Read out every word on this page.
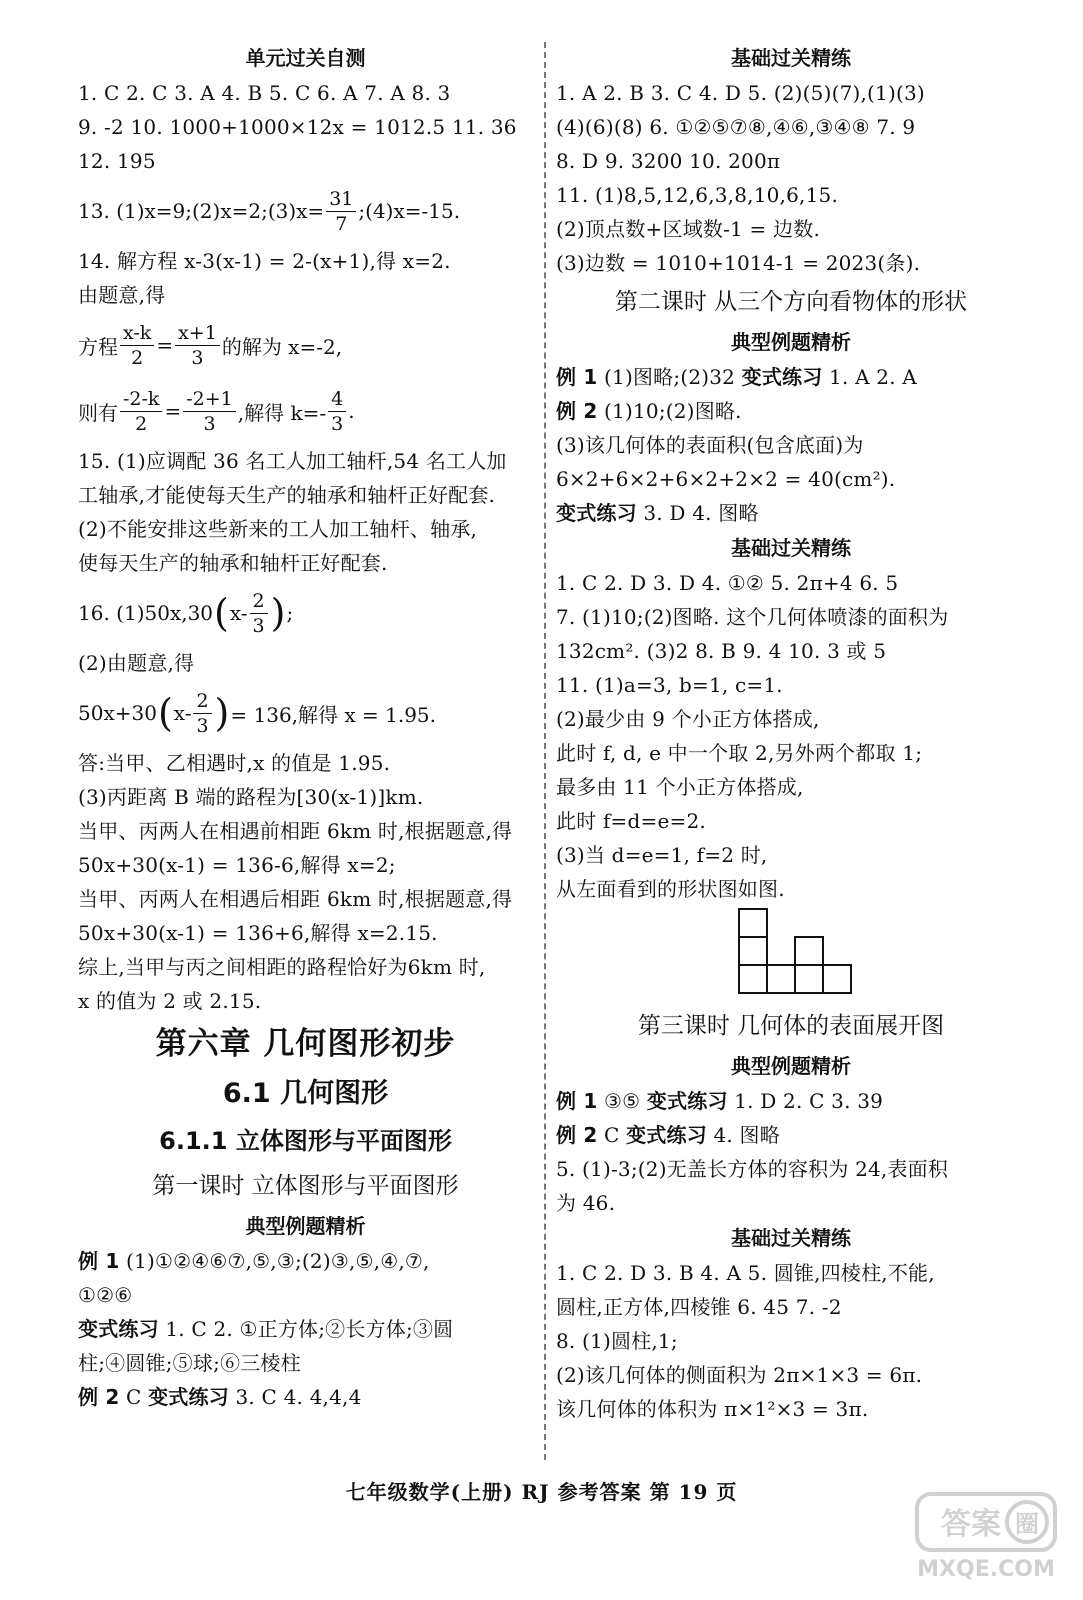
单元过关自测
1. C 2. C 3. A 4. B 5. C 6. A 7. A 8. 3
9. -2 10. 1000+1000×12x = 1012.5 11. 36
12. 195
13. (1)x=9;(2)x=2;(3)x= $\frac{31}{7}$ ;(4)x=-15.
14. 解方程 x-3(x-1) = 2-(x+1),得 x=2.
由题意,得
方程 $\frac{x-k}{2} = \frac{x+1}{3}$ 的解为 x=-2,
则有 $\frac{-2-k}{2} = \frac{-2+1}{3}$ ,解得 $k=- \frac{4}{3}$ .
15. (1)应调配 36 名工人加工轴杆,54 名工人加
工轴承,才能使每天生产的轴承和轴杆正好配套.
(2)不能安排这些新来的工人加工轴杆、轴承,
使每天生产的轴承和轴杆正好配套.
16. (1)50x,30 ( $x- \frac{2}{3}$ ) ;
(2)由题意,得
50x+30 ( $x- \frac{2}{3}$ ) = 136,解得 x = 1.95.
答:当甲、乙相遇时,x 的值是 1.95.
(3)丙距离 B 端的路程为[30(x-1)]km.
当甲、丙两人在相遇前相距 6km 时,根据题意,得
50x+30(x-1) = 136-6,解得 x=2;
当甲、丙两人在相遇后相距 6km 时,根据题意,得
50x+30(x-1) = 136+6,解得 x=2.15.
综上,当甲与丙之间相距的路程恰好为6km 时,
x 的值为 2 或 2.15.
第六章 几何图形初步
6.1 几何图形
6.1.1 立体图形与平面图形
第一课时 立体图形与平面图形
典型例题精析
例 1 (1)①②④⑥⑦,⑤,③;(2)③,⑤,④,⑦,
①②⑥
变式练习 1. C 2. ①正方体;②长方体;③圆
柱;④圆锥;⑤球;⑥三棱柱
例 2 C 变式练习 3. C 4. 4,4,4
基础过关精练
1. A 2. B 3. C 4. D 5. (2)(5)(7),(1)(3)
(4)(6)(8) 6. ①②⑤⑦⑧,④⑥,③④⑧ 7. 9
8. D 9. 3200 10. 200π
11. (1)8,5,12,6,3,8,10,6,15.
(2)顶点数+区域数-1 = 边数.
(3)边数 = 1010+1014-1 = 2023(条).
第二课时 从三个方向看物体的形状
典型例题精析
例 1 (1)图略;(2)32 变式练习 1. A 2. A
例 2 (1)10;(2)图略.
(3)该几何体的表面积(包含底面)为
6×2+6×2+6×2+2×2 = 40(cm²).
变式练习 3. D 4. 图略
基础过关精练
1. C 2. D 3. D 4. ①② 5. 2π+4 6. 5
7. (1)10;(2)图略. 这个几何体喷漆的面积为
132cm². (3)2 8. B 9. 4 10. 3 或 5
11. (1)a=3, b=1, c=1.
(2)最少由 9 个小正方体搭成,
此时 f, d, e 中一个取 2,另外两个都取 1;
最多由 11 个小正方体搭成,
此时 f=d=e=2.
(3)当 d=e=1, f=2 时,
从左面看到的形状图如图.
第三课时 几何体的表面展开图
典型例题精析
例 1 ③⑤ 变式练习 1. D 2. C 3. 39
例 2 C 变式练习 4. 图略
5. (1)-3;(2)无盖长方体的容积为 24,表面积
为 46.
基础过关精练
1. C 2. D 3. B 4. A 5. 圆锥,四棱柱,不能,
圆柱,正方体,四棱锥 6. 45 7. -2
8. (1)圆柱,1;
(2)该几何体的侧面积为 2π×1×3 = 6π.
该几何体的体积为 π×1²×3 = 3π.
七年级数学(上册) RJ 参考答案 第 19 页
答案 圈
MXQE.COM
